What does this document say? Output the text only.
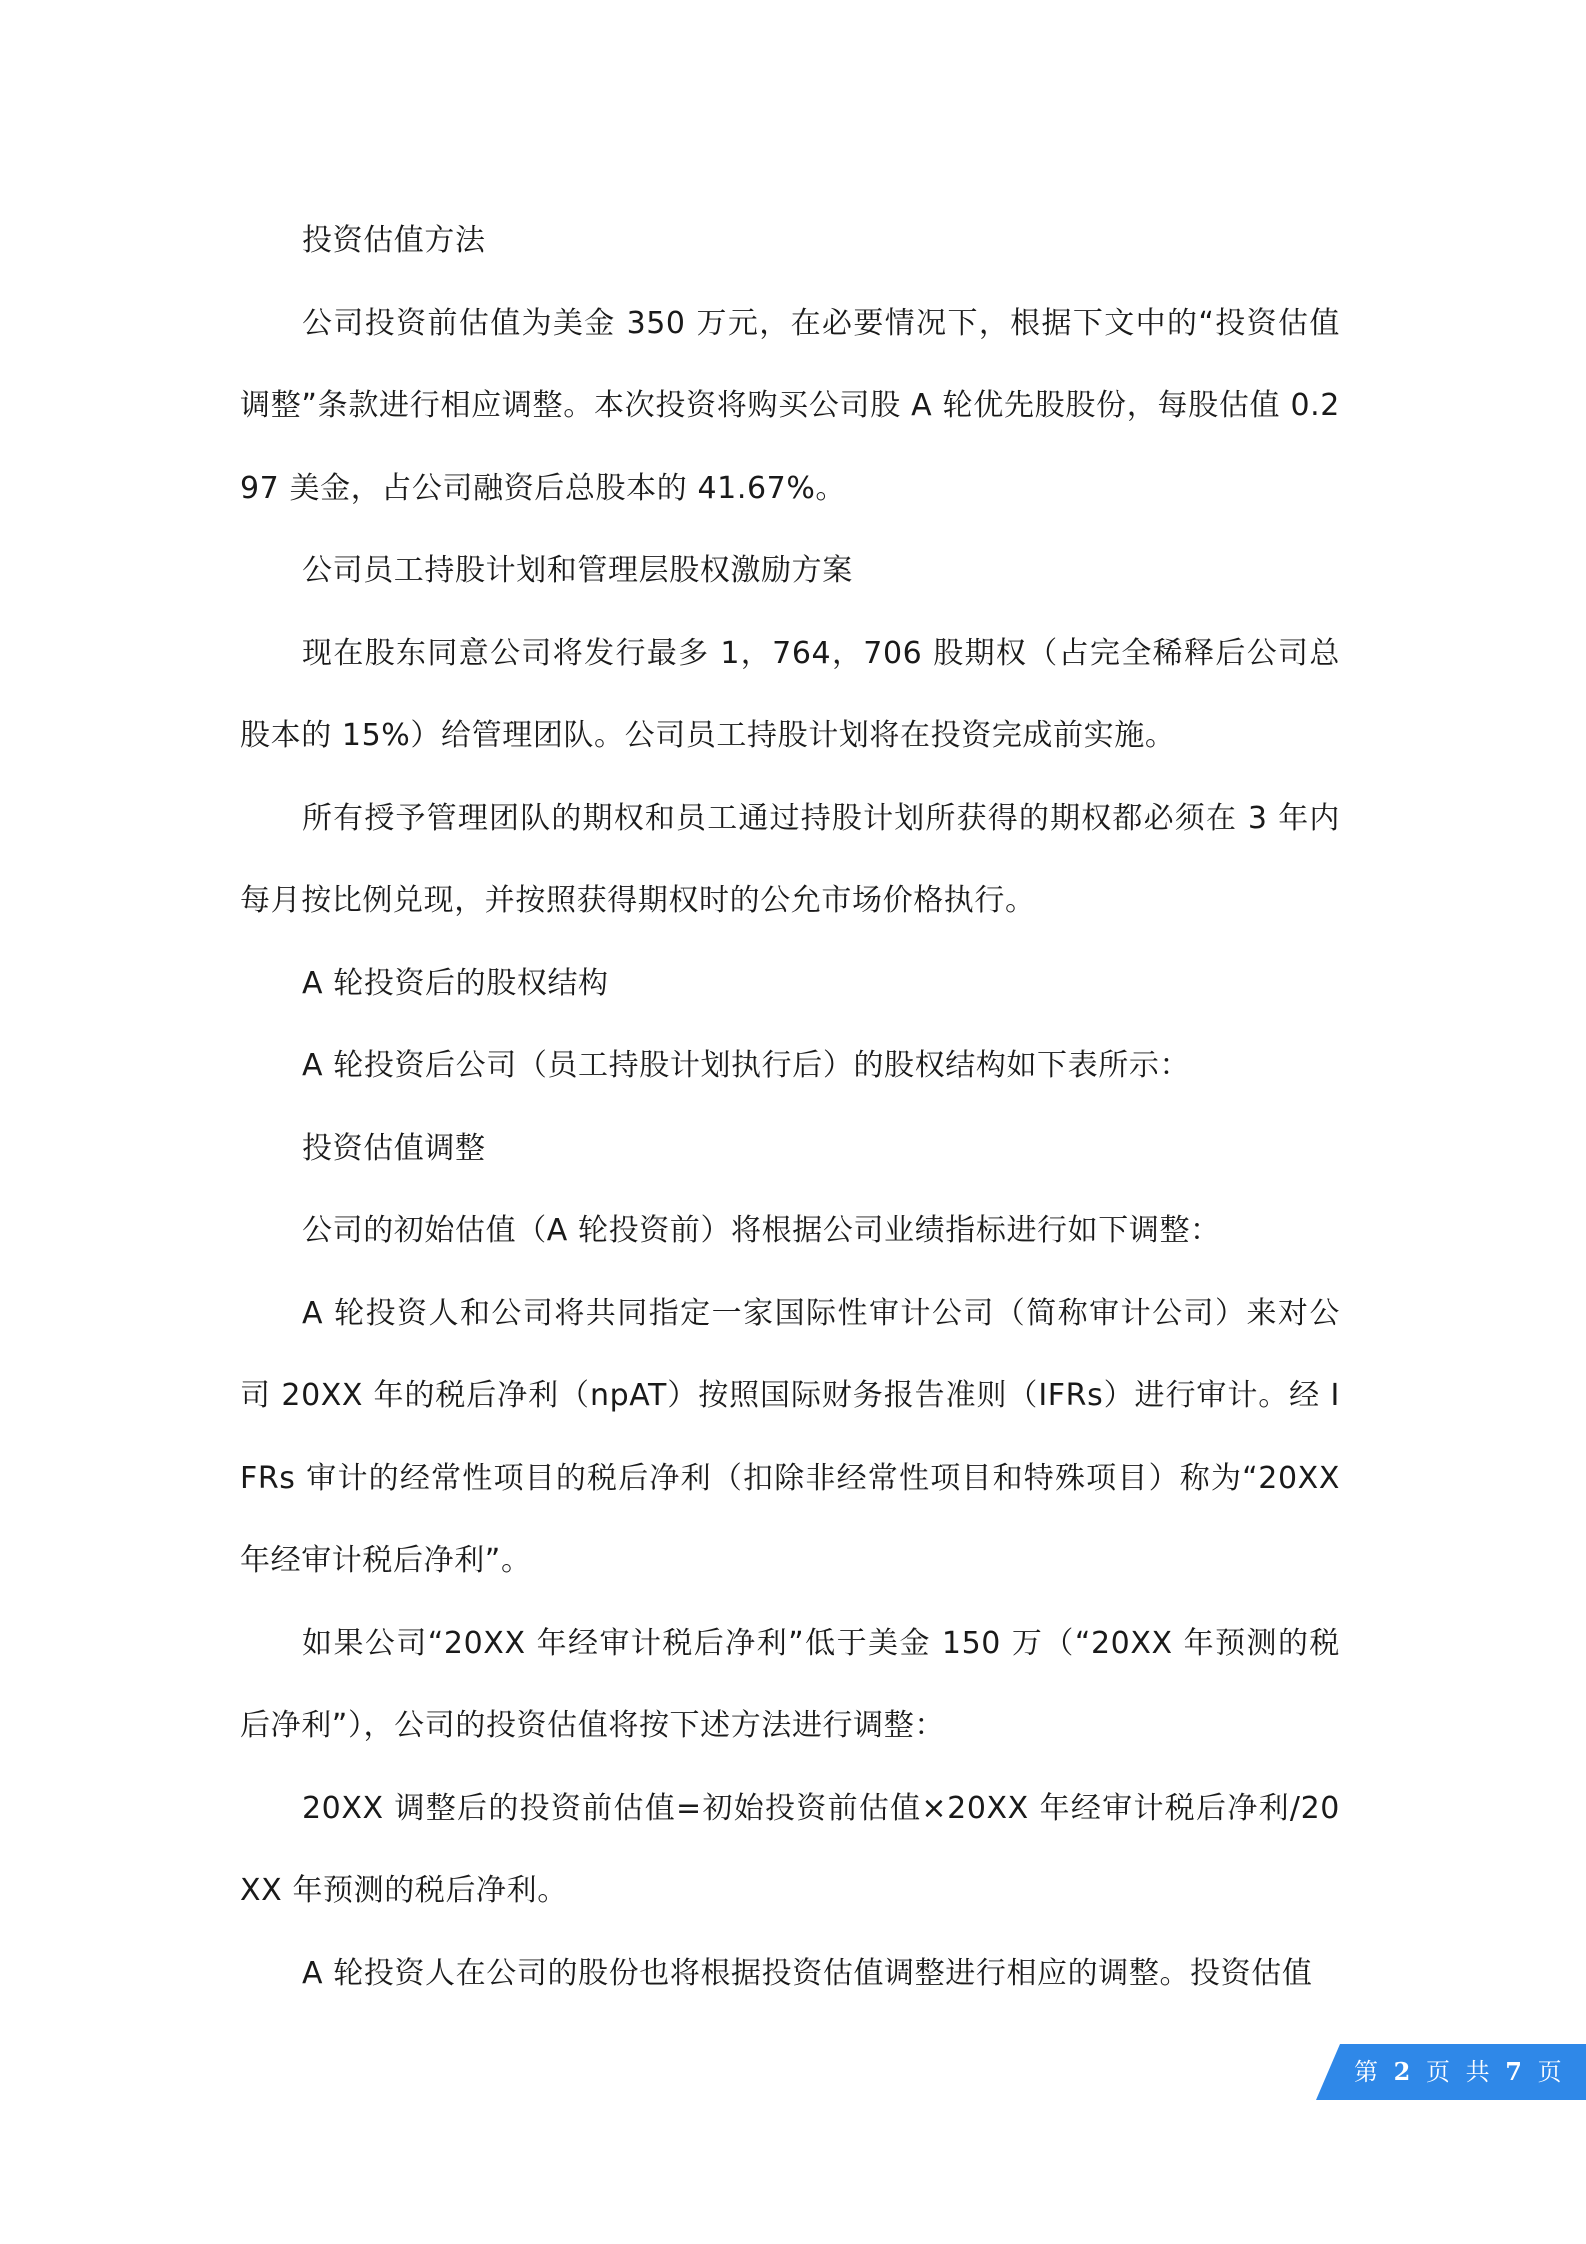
投资估值方法

公司投资前估值为美金 350 万元，在必要情况下，根据下文中的“投资估值调整”条款进行相应调整。本次投资将购买公司股 A 轮优先股股份，每股估值 0.297 美金，占公司融资后总股本的 41.67%。

公司员工持股计划和管理层股权激励方案

现在股东同意公司将发行最多 1，764，706 股期权（占完全稀释后公司总股本的 15%）给管理团队。公司员工持股计划将在投资完成前实施。

所有授予管理团队的期权和员工通过持股计划所获得的期权都必须在 3 年内每月按比例兑现，并按照获得期权时的公允市场价格执行。

A 轮投资后的股权结构

A 轮投资后公司（员工持股计划执行后）的股权结构如下表所示：

投资估值调整

公司的初始估值（A 轮投资前）将根据公司业绩指标进行如下调整：

A 轮投资人和公司将共同指定一家国际性审计公司（简称审计公司）来对公司 20XX 年的税后净利（npAT）按照国际财务报告准则（IFRs）进行审计。经 IFRs 审计的经常性项目的税后净利（扣除非经常性项目和特殊项目）称为“20XX 年经审计税后净利”。

如果公司“20XX 年经审计税后净利”低于美金 150 万（“20XX 年预测的税后净利”），公司的投资估值将按下述方法进行调整：

20XX 调整后的投资前估值=初始投资前估值×20XX 年经审计税后净利/20XX 年预测的税后净利。

A 轮投资人在公司的股份也将根据投资估值调整进行相应的调整。投资估值

第 2 页 共 7 页
